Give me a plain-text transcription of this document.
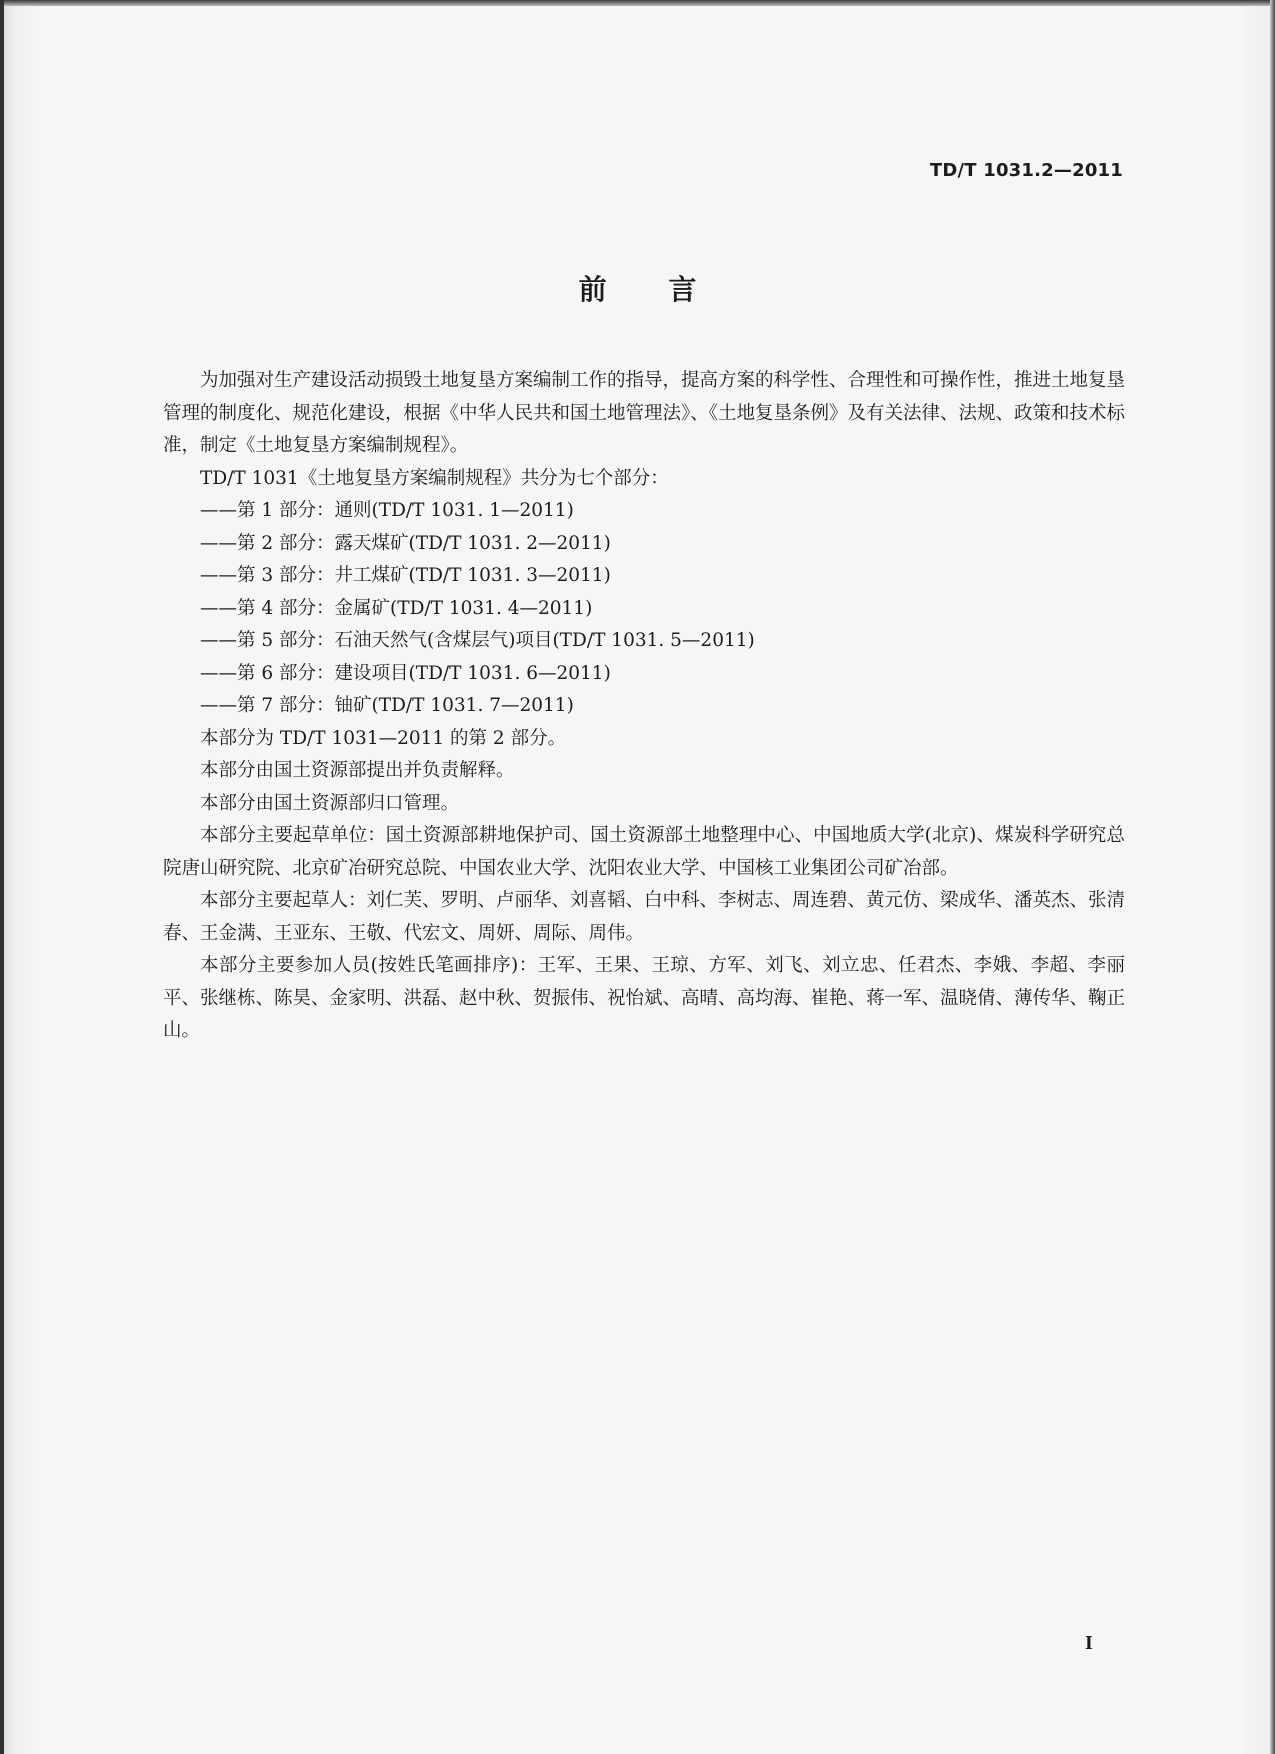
TD/T 1031.2—2011
前 言

为加强对生产建设活动损毁土地复垦方案编制工作的指导，提高方案的科学性、合理性和可操作性，推进土地复垦管理的制度化、规范化建设，根据《中华人民共和国土地管理法》、《土地复垦条例》及有关法律、法规、政策和技术标准，制定《土地复垦方案编制规程》。

TD/T 1031《土地复垦方案编制规程》共分为七个部分：

——第 1 部分：通则(TD/T 1031. 1—2011)

——第 2 部分：露天煤矿(TD/T 1031. 2—2011)

——第 3 部分：井工煤矿(TD/T 1031. 3—2011)

——第 4 部分：金属矿(TD/T 1031. 4—2011)

——第 5 部分：石油天然气(含煤层气)项目(TD/T 1031. 5—2011)

——第 6 部分：建设项目(TD/T 1031. 6—2011)

——第 7 部分：铀矿(TD/T 1031. 7—2011)

本部分为 TD/T 1031—2011 的第 2 部分。

本部分由国土资源部提出并负责解释。

本部分由国土资源部归口管理。

本部分主要起草单位：国土资源部耕地保护司、国土资源部土地整理中心、中国地质大学(北京)、煤炭科学研究总院唐山研究院、北京矿冶研究总院、中国农业大学、沈阳农业大学、中国核工业集团公司矿冶部。

本部分主要起草人：刘仁芙、罗明、卢丽华、刘喜韬、白中科、李树志、周连碧、黄元仿、梁成华、潘英杰、张清春、王金满、王亚东、王敬、代宏文、周妍、周际、周伟。

本部分主要参加人员(按姓氏笔画排序)：王军、王果、王琼、方军、刘飞、刘立忠、任君杰、李娥、李超、李丽平、张继栋、陈昊、金家明、洪磊、赵中秋、贺振伟、祝怡斌、高晴、高均海、崔艳、蒋一军、温晓倩、薄传华、鞠正山。

I
